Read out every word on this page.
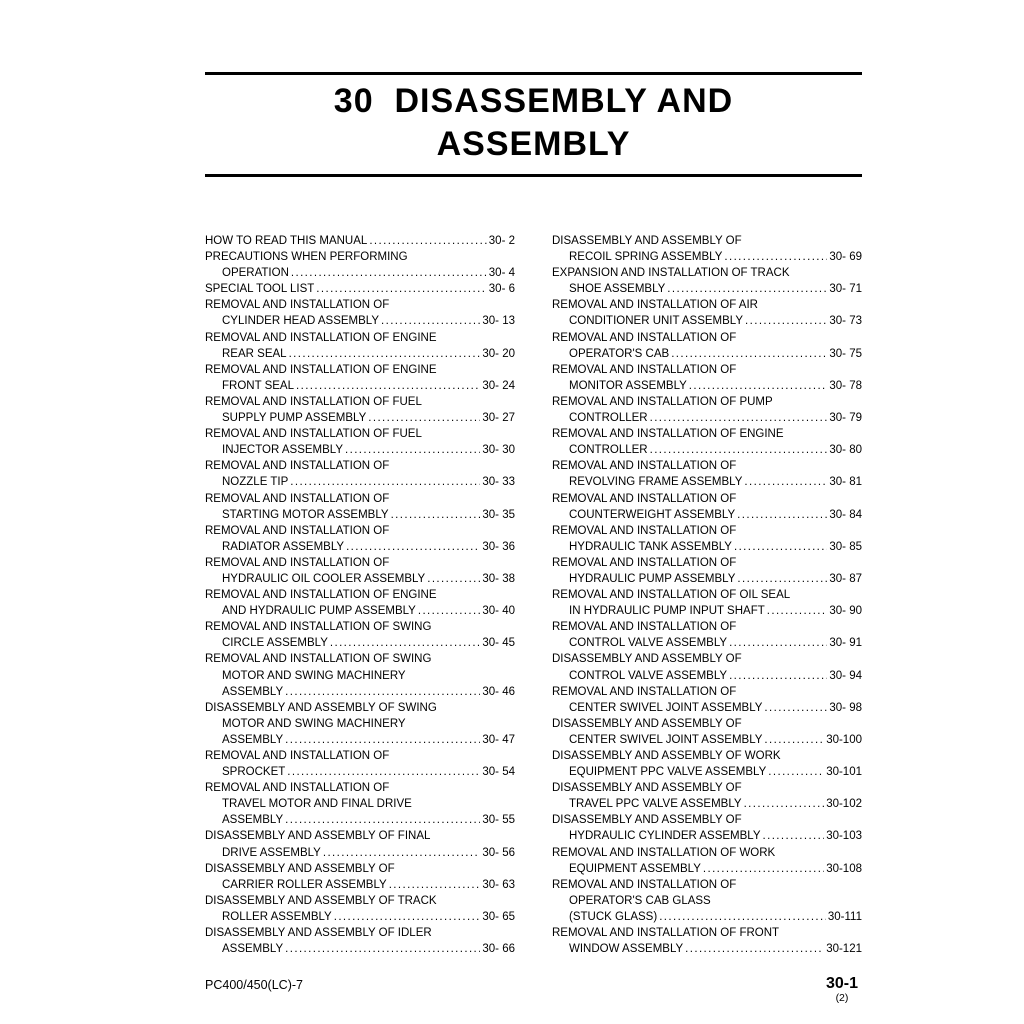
30  DISASSEMBLY AND
ASSEMBLY
HOW TO READ THIS MANUAL .....	30- 2
PRECAUTIONS WHEN PERFORMING
OPERATION .....	30- 4
SPECIAL TOOL LIST .....	30- 6
REMOVAL AND INSTALLATION OF
CYLINDER HEAD ASSEMBLY .....	30- 13
REMOVAL AND INSTALLATION OF ENGINE
REAR SEAL .....	30- 20
REMOVAL AND INSTALLATION OF ENGINE
FRONT SEAL .....	30- 24
REMOVAL AND INSTALLATION OF FUEL
SUPPLY PUMP ASSEMBLY .....	30- 27
REMOVAL AND INSTALLATION OF FUEL
INJECTOR ASSEMBLY .....	30- 30
REMOVAL AND INSTALLATION OF
NOZZLE TIP .....	30- 33
REMOVAL AND INSTALLATION OF
STARTING MOTOR ASSEMBLY .....	30- 35
REMOVAL AND INSTALLATION OF
RADIATOR ASSEMBLY .....	30- 36
REMOVAL AND INSTALLATION OF
HYDRAULIC OIL COOLER ASSEMBLY .....	30- 38
REMOVAL AND INSTALLATION OF ENGINE
AND HYDRAULIC PUMP ASSEMBLY .....	30- 40
REMOVAL AND INSTALLATION OF SWING
CIRCLE ASSEMBLY .....	30- 45
REMOVAL AND INSTALLATION OF SWING
MOTOR AND SWING MACHINERY
ASSEMBLY .....	30- 46
DISASSEMBLY AND ASSEMBLY OF SWING
MOTOR AND SWING MACHINERY
ASSEMBLY .....	30- 47
REMOVAL AND INSTALLATION OF
SPROCKET .....	30- 54
REMOVAL AND INSTALLATION OF
TRAVEL MOTOR AND FINAL DRIVE
ASSEMBLY .....	30- 55
DISASSEMBLY AND ASSEMBLY OF FINAL
DRIVE ASSEMBLY .....	30- 56
DISASSEMBLY AND ASSEMBLY OF
CARRIER ROLLER ASSEMBLY .....	30- 63
DISASSEMBLY AND ASSEMBLY OF TRACK
ROLLER ASSEMBLY .....	30- 65
DISASSEMBLY AND ASSEMBLY OF IDLER
ASSEMBLY .....	30- 66
DISASSEMBLY AND ASSEMBLY OF
RECOIL SPRING ASSEMBLY .....	30- 69
EXPANSION AND INSTALLATION OF TRACK
SHOE ASSEMBLY .....	30- 71
REMOVAL AND INSTALLATION OF AIR
CONDITIONER UNIT ASSEMBLY .....	30- 73
REMOVAL AND INSTALLATION OF
OPERATOR'S CAB .....	30- 75
REMOVAL AND INSTALLATION OF
MONITOR ASSEMBLY .....	30- 78
REMOVAL AND INSTALLATION OF PUMP
CONTROLLER .....	30- 79
REMOVAL AND INSTALLATION OF ENGINE
CONTROLLER .....	30- 80
REMOVAL AND INSTALLATION OF
REVOLVING FRAME ASSEMBLY .....	30- 81
REMOVAL AND INSTALLATION OF
COUNTERWEIGHT ASSEMBLY .....	30- 84
REMOVAL AND INSTALLATION OF
HYDRAULIC TANK ASSEMBLY .....	30- 85
REMOVAL AND INSTALLATION OF
HYDRAULIC PUMP ASSEMBLY .....	30- 87
REMOVAL AND INSTALLATION OF OIL SEAL
IN HYDRAULIC PUMP INPUT SHAFT .....	30- 90
REMOVAL AND INSTALLATION OF
CONTROL VALVE ASSEMBLY .....	30- 91
DISASSEMBLY AND ASSEMBLY OF
CONTROL VALVE ASSEMBLY .....	30- 94
REMOVAL AND INSTALLATION OF
CENTER SWIVEL JOINT ASSEMBLY .....	30- 98
DISASSEMBLY AND ASSEMBLY OF
CENTER SWIVEL JOINT ASSEMBLY .....	30-100
DISASSEMBLY AND ASSEMBLY OF WORK
EQUIPMENT PPC VALVE ASSEMBLY .....	30-101
DISASSEMBLY AND ASSEMBLY OF
TRAVEL PPC VALVE ASSEMBLY .....	30-102
DISASSEMBLY AND ASSEMBLY OF
HYDRAULIC CYLINDER ASSEMBLY .....	30-103
REMOVAL AND INSTALLATION OF WORK
EQUIPMENT ASSEMBLY .....	30-108
REMOVAL AND INSTALLATION OF
OPERATOR'S CAB GLASS
(STUCK GLASS) .....	30-111
REMOVAL AND INSTALLATION OF FRONT
WINDOW ASSEMBLY .....	30-121
PC400/450(LC)-7	30-1
(2)
